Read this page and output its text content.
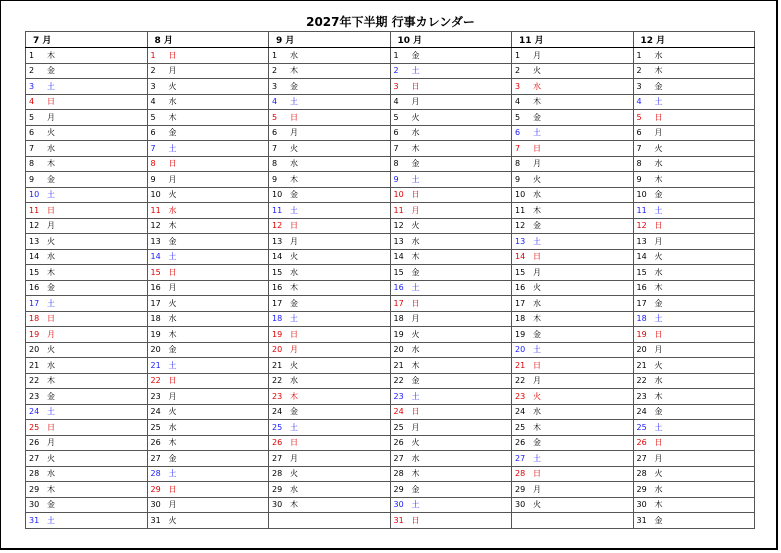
2027年下半期 行事カレンダー
7 月	8 月	9 月	10 月	11 月	12 月
1 木	1 日	1 水	1 金	1 月	1 水
2 金	2 月	2 木	2 土	2 火	2 木
3 土	3 火	3 金	3 日	3 水	3 金
4 日	4 水	4 土	4 月	4 木	4 土
5 月	5 木	5 日	5 火	5 金	5 日
6 火	6 金	6 月	6 水	6 土	6 月
7 水	7 土	7 火	7 木	7 日	7 火
8 木	8 日	8 水	8 金	8 月	8 水
9 金	9 月	9 木	9 土	9 火	9 木
10 土	10 火	10 金	10 日	10 水	10 金
11 日	11 水	11 土	11 月	11 木	11 土
12 月	12 木	12 日	12 火	12 金	12 日
13 火	13 金	13 月	13 水	13 土	13 月
14 水	14 土	14 火	14 木	14 日	14 火
15 木	15 日	15 水	15 金	15 月	15 水
16 金	16 月	16 木	16 土	16 火	16 木
17 土	17 火	17 金	17 日	17 水	17 金
18 日	18 水	18 土	18 月	18 木	18 土
19 月	19 木	19 日	19 火	19 金	19 日
20 火	20 金	20 月	20 水	20 土	20 月
21 水	21 土	21 火	21 木	21 日	21 火
22 木	22 日	22 水	22 金	22 月	22 水
23 金	23 月	23 木	23 土	23 火	23 木
24 土	24 火	24 金	24 日	24 水	24 金
25 日	25 水	25 土	25 月	25 木	25 土
26 月	26 木	26 日	26 火	26 金	26 日
27 火	27 金	27 月	27 水	27 土	27 月
28 水	28 土	28 火	28 木	28 日	28 火
29 木	29 日	29 水	29 金	29 月	29 水
30 金	30 月	30 木	30 土	30 火	30 木
31 土	31 火		31 日		31 金
